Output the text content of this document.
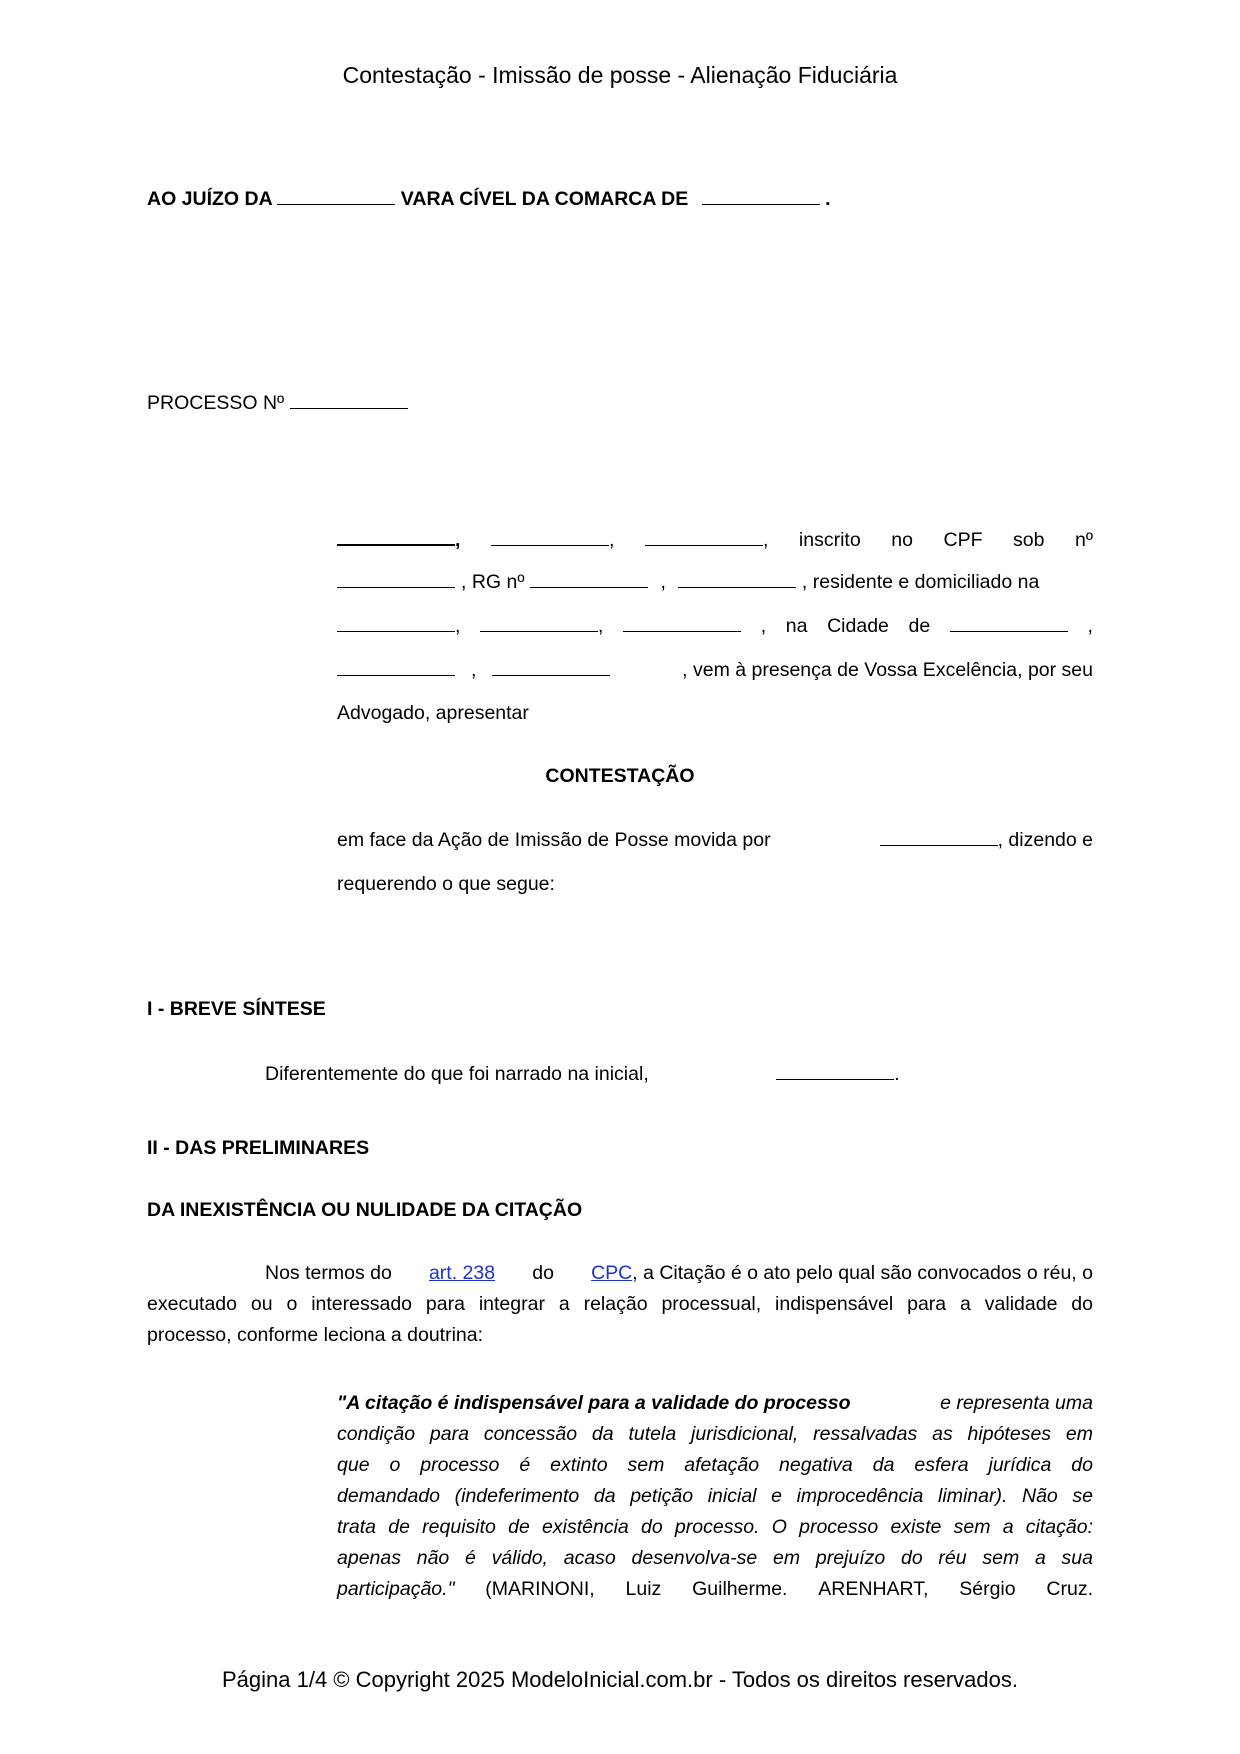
Contestação - Imissão de posse - Alienação Fiduciária
AO JUÍZO DA	VARA CÍVEL DA COMARCA DE	.
PROCESSO Nº
,	,	, inscrito no CPF sob nº
, RG nº	,	, residente e domiciliado na
,	,	, na Cidade de	,
,	, vem à presença de Vossa Excelência, por seu
Advogado, apresentar
CONTESTAÇÃO
em face da Ação de Imissão de Posse movida por	, dizendo e
requerendo o que segue:
I - BREVE SÍNTESE
Diferentemente do que foi narrado na inicial,	.
II - DAS PRELIMINARES
DA INEXISTÊNCIA OU NULIDADE DA CITAÇÃO
Nos termos do art. 238 do CPC, a Citação é o ato pelo qual são convocados o réu, o
executado ou o interessado para integrar a relação processual, indispensável para a validade do
processo, conforme leciona a doutrina:
"A citação é indispensável para a validade do processo	e representa uma
condição para concessão da tutela jurisdicional, ressalvadas as hipóteses em
que o processo é extinto sem afetação negativa da esfera jurídica do
demandado (indeferimento da petição inicial e improcedência liminar). Não se
trata de requisito de existência do processo. O processo existe sem a citação:
apenas não é válido, acaso desenvolva-se em prejuízo do réu sem a sua
participação." (MARINONI, Luiz Guilherme. ARENHART, Sérgio Cruz.
Página 1/4 © Copyright 2025 ModeloInicial.com.br - Todos os direitos reservados.
